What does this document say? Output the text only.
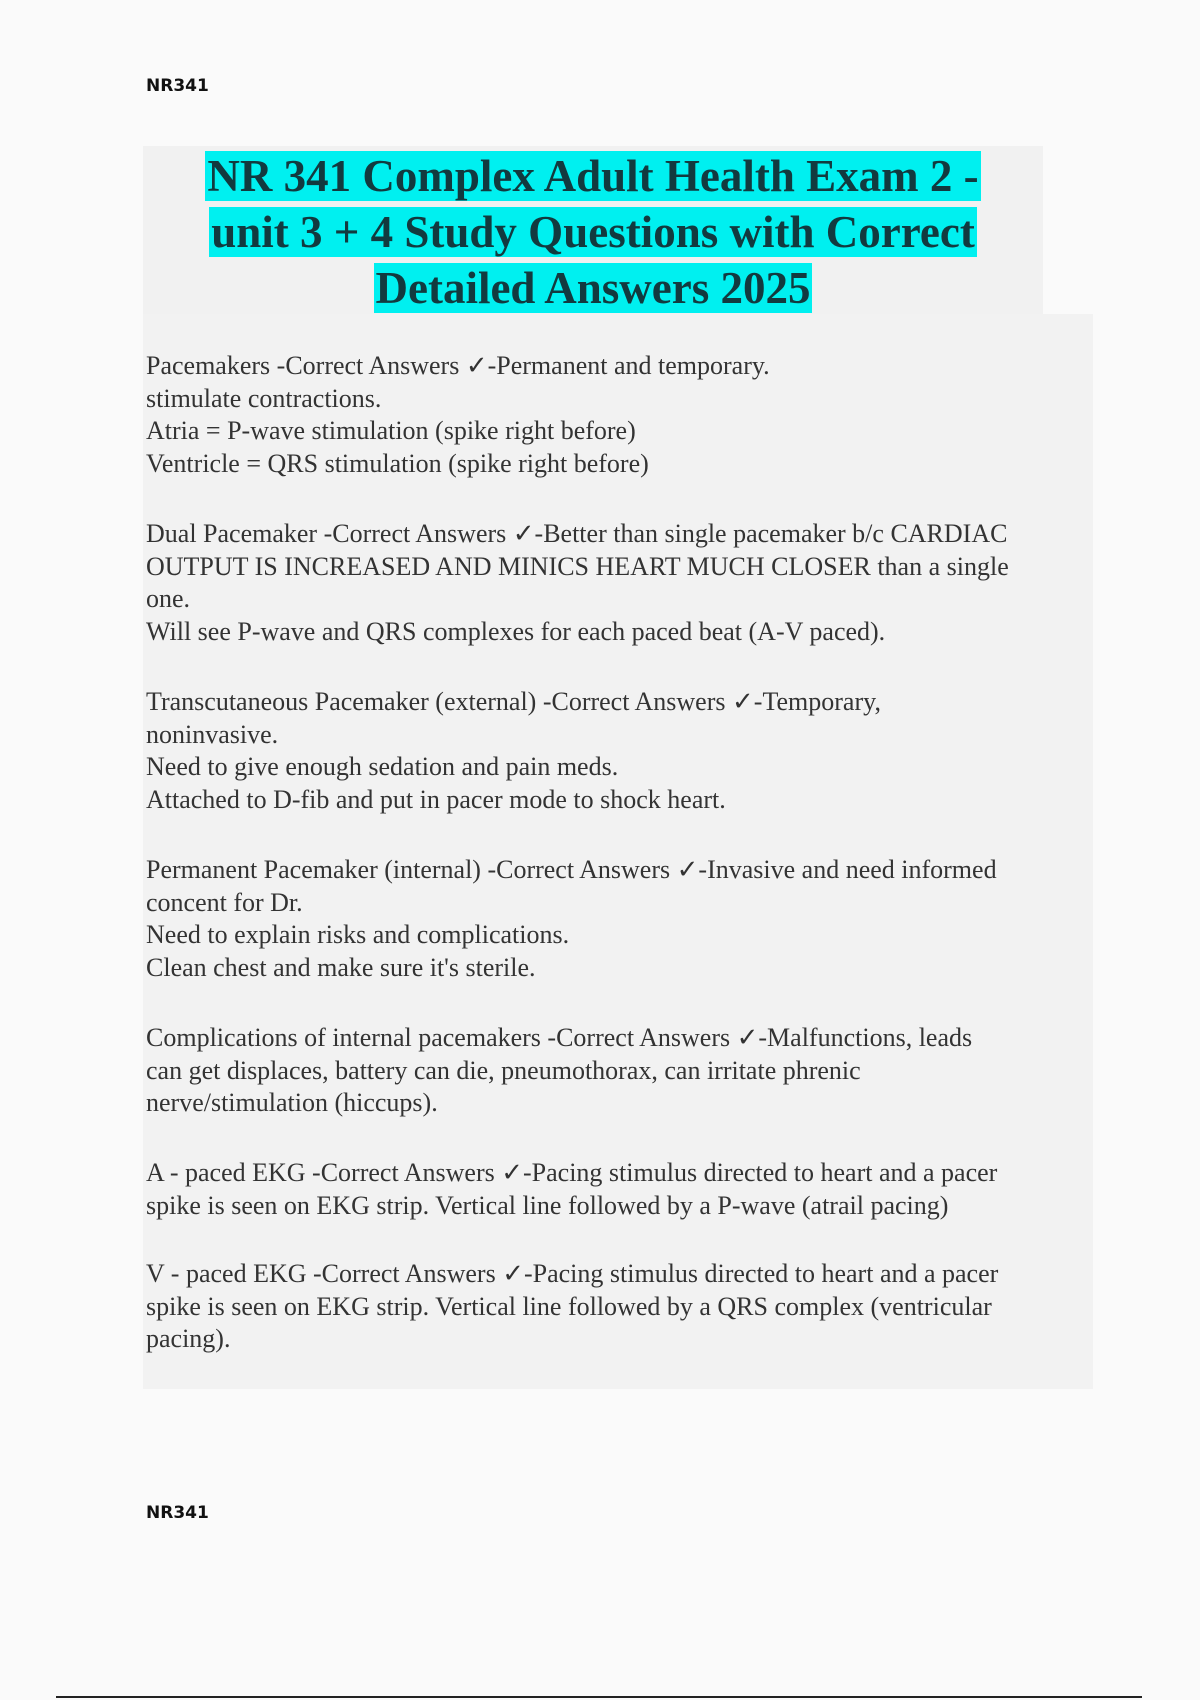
NR341
NR 341 Complex Adult Health Exam 2 - unit 3 + 4 Study Questions with Correct Detailed Answers 2025
Pacemakers -Correct Answers ✓-Permanent and temporary.
stimulate contractions.
Atria = P-wave stimulation (spike right before)
Ventricle = QRS stimulation (spike right before)
Dual Pacemaker -Correct Answers ✓-Better than single pacemaker b/c CARDIAC
OUTPUT IS INCREASED AND MINICS HEART MUCH CLOSER than a single
one.
Will see P-wave and QRS complexes for each paced beat (A-V paced).
Transcutaneous Pacemaker (external) -Correct Answers ✓-Temporary,
noninvasive.
Need to give enough sedation and pain meds.
Attached to D-fib and put in pacer mode to shock heart.
Permanent Pacemaker (internal) -Correct Answers ✓-Invasive and need informed
concent for Dr.
Need to explain risks and complications.
Clean chest and make sure it's sterile.
Complications of internal pacemakers -Correct Answers ✓-Malfunctions, leads
can get displaces, battery can die, pneumothorax, can irritate phrenic
nerve/stimulation (hiccups).
A - paced EKG -Correct Answers ✓-Pacing stimulus directed to heart and a pacer
spike is seen on EKG strip. Vertical line followed by a P-wave (atrail pacing)
V - paced EKG -Correct Answers ✓-Pacing stimulus directed to heart and a pacer
spike is seen on EKG strip. Vertical line followed by a QRS complex (ventricular
pacing).
NR341
